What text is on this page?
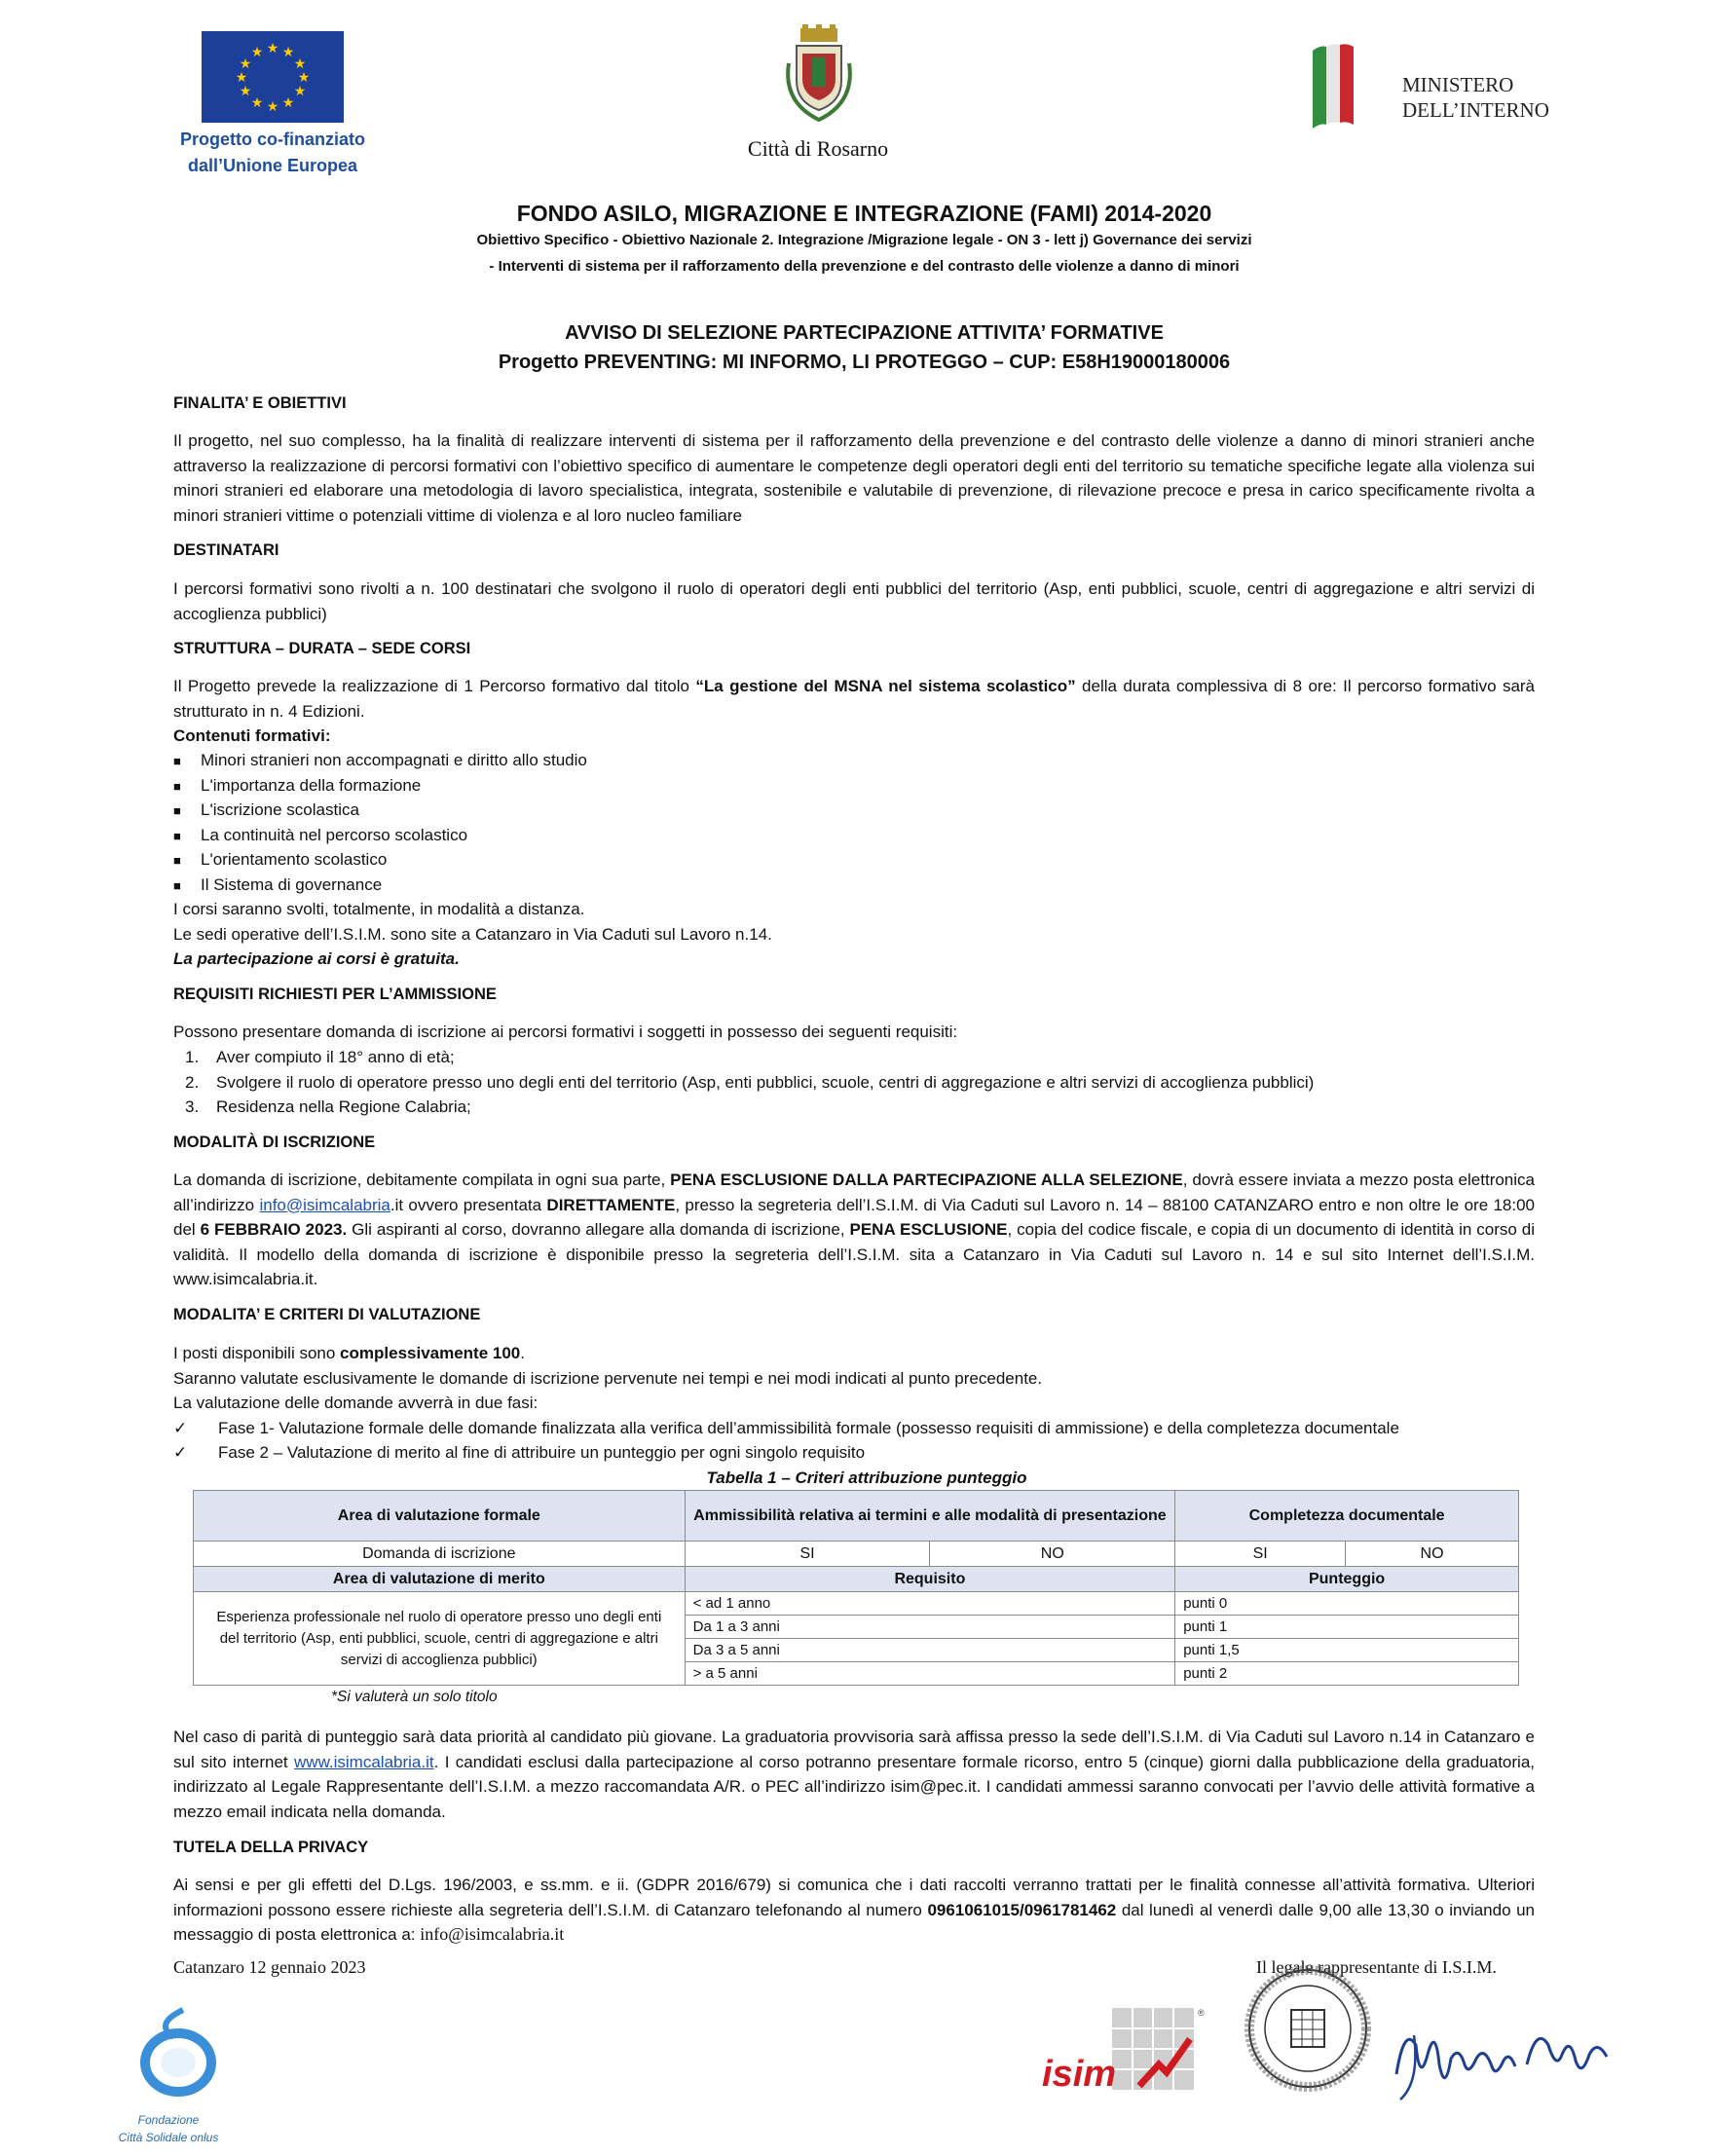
★ ★
★
★
★
★
★
★
★
★
★
★
Progetto co-finanziato
dall’Unione Europea
Città di Rosarno
MINISTERO
DELL’INTERNO
FONDO ASILO, MIGRAZIONE E INTEGRAZIONE (FAMI) 2014-2020
Obiettivo Specifico - Obiettivo Nazionale 2. Integrazione /Migrazione legale - ON 3 - lett j) Governance dei servizi
- Interventi di sistema per il rafforzamento della prevenzione e del contrasto delle violenze a danno di minori
AVVISO DI SELEZIONE PARTECIPAZIONE ATTIVITA’ FORMATIVE
Progetto PREVENTING: MI INFORMO, LI PROTEGGO – CUP: E58H19000180006
FINALITA’ E OBIETTIVI
Il progetto, nel suo complesso, ha la finalità di realizzare interventi di sistema per il rafforzamento della prevenzione e del contrasto delle violenze a danno di minori stranieri anche attraverso la realizzazione di percorsi formativi con l’obiettivo specifico di aumentare le competenze degli operatori degli enti del territorio su tematiche specifiche legate alla violenza sui minori stranieri ed elaborare una metodologia di lavoro specialistica, integrata, sostenibile e valutabile di prevenzione, di rilevazione precoce e presa in carico specificamente rivolta a minori stranieri vittime o potenziali vittime di violenza e al loro nucleo familiare
DESTINATARI
I percorsi formativi sono rivolti a n. 100 destinatari che svolgono il ruolo di operatori degli enti pubblici del territorio (Asp, enti pubblici, scuole, centri di aggregazione e altri servizi di accoglienza pubblici)
STRUTTURA – DURATA – SEDE CORSI
Il Progetto prevede la realizzazione di 1 Percorso formativo dal titolo “La gestione del MSNA nel sistema scolastico” della durata complessiva di 8 ore: Il percorso formativo sarà strutturato in n. 4 Edizioni.
Contenuti formativi:
■ Minori stranieri non accompagnati e diritto allo studio
■ L'importanza della formazione
■ L'iscrizione scolastica
■ La continuità nel percorso scolastico
■ L'orientamento scolastico
■ Il Sistema di governance
I corsi saranno svolti, totalmente, in modalità a distanza.
Le sedi operative dell’I.S.I.M. sono site a Catanzaro in Via Caduti sul Lavoro n.14.
La partecipazione ai corsi è gratuita.
REQUISITI RICHIESTI PER L’AMMISSIONE
Possono presentare domanda di iscrizione ai percorsi formativi i soggetti in possesso dei seguenti requisiti:
1. Aver compiuto il 18° anno di età;
2. Svolgere il ruolo di operatore presso uno degli enti del territorio (Asp, enti pubblici, scuole, centri di aggregazione e altri servizi di accoglienza pubblici)
3. Residenza nella Regione Calabria;
MODALITÀ DI ISCRIZIONE
La domanda di iscrizione, debitamente compilata in ogni sua parte, PENA ESCLUSIONE DALLA PARTECIPAZIONE ALLA SELEZIONE, dovrà essere inviata a mezzo posta elettronica all’indirizzo info@isimcalabria.it ovvero presentata DIRETTAMENTE, presso la segreteria dell’I.S.I.M. di Via Caduti sul Lavoro n. 14 – 88100 CATANZARO entro e non oltre le ore 18:00 del 6 FEBBRAIO 2023. Gli aspiranti al corso, dovranno allegare alla domanda di iscrizione, PENA ESCLUSIONE, copia del codice fiscale, e copia di un documento di identità in corso di validità. Il modello della domanda di iscrizione è disponibile presso la segreteria dell’I.S.I.M. sita a Catanzaro in Via Caduti sul Lavoro n. 14 e sul sito Internet dell’I.S.I.M. www.isimcalabria.it.
MODALITA’ E CRITERI DI VALUTAZIONE
I posti disponibili sono complessivamente 100.
Saranno valutate esclusivamente le domande di iscrizione pervenute nei tempi e nei modi indicati al punto precedente.
La valutazione delle domande avverrà in due fasi:
✓ Fase 1- Valutazione formale delle domande finalizzata alla verifica dell’ammissibilità formale (possesso requisiti di ammissione) e della completezza documentale
✓ Fase 2 – Valutazione di merito al fine di attribuire un punteggio per ogni singolo requisito
Tabella 1 – Criteri attribuzione punteggio
Area di valutazione formale	Ammissibilità relativa ai termini e alle modalità di presentazione		Completezza documentale	
Domanda di iscrizione	SI	NO	SI	NO
Area di valutazione di merito	Requisito		Punteggio	
Esperienza professionale nel ruolo di operatore presso uno degli enti del territorio (Asp, enti pubblici, scuole, centri di aggregazione e altri servizi di accoglienza pubblici)	< ad 1 anno		punti 0	
	Da 1 a 3 anni		punti 1	
	Da 3 a 5 anni		punti 1,5	
	> a 5 anni		punti 2	
*Si valuterà un solo titolo
Nel caso di parità di punteggio sarà data priorità al candidato più giovane. La graduatoria provvisoria sarà affissa presso la sede dell’I.S.I.M. di Via Caduti sul Lavoro n.14 in Catanzaro e sul sito internet www.isimcalabria.it. I candidati esclusi dalla partecipazione al corso potranno presentare formale ricorso, entro 5 (cinque) giorni dalla pubblicazione della graduatoria, indirizzato al Legale Rappresentante dell’I.S.I.M. a mezzo raccomandata A/R. o PEC all’indirizzo isim@pec.it. I candidati ammessi saranno convocati per l’avvio delle attività formative a mezzo email indicata nella domanda.
TUTELA DELLA PRIVACY
Ai sensi e per gli effetti del D.Lgs. 196/2003, e ss.mm. e ii. (GDPR 2016/679) si comunica che i dati raccolti verranno trattati per le finalità connesse all’attività formativa. Ulteriori informazioni possono essere richieste alla segreteria dell’I.S.I.M. di Catanzaro telefonando al numero 0961061015/0961781462 dal lunedì al venerdì dalle 9,00 alle 13,30 o inviando un messaggio di posta elettronica a: info@isimcalabria.it
Catanzaro 12 gennaio 2023	Il legale rappresentante di I.S.I.M.
Fondazione
Città Solidale onlus
isim
®
